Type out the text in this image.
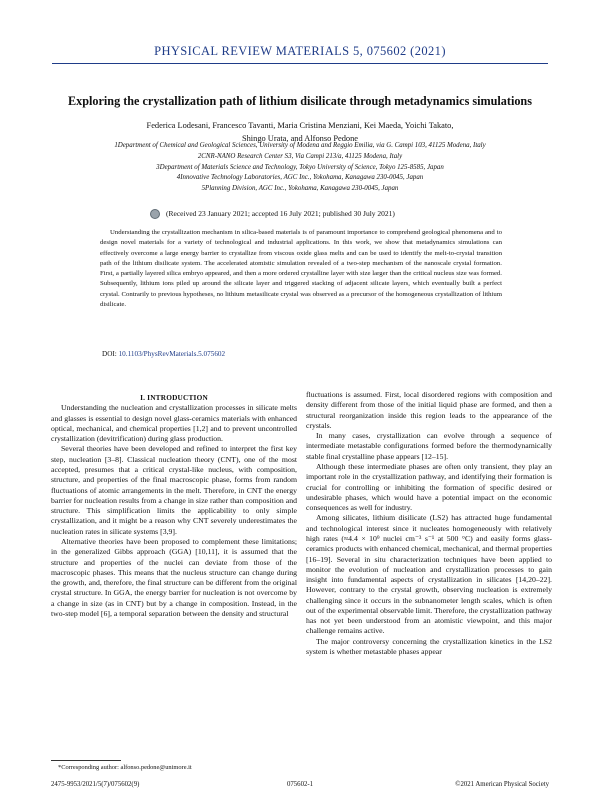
PHYSICAL REVIEW MATERIALS 5, 075602 (2021)
Exploring the crystallization path of lithium disilicate through metadynamics simulations
Federica Lodesani, Francesco Tavanti, Maria Cristina Menziani, Kei Maeda, Yoichi Takato,
Shingo Urata, and Alfonso Pedone
1Department of Chemical and Geological Sciences, University of Modena and Reggio Emilia, via G. Campi 103, 41125 Modena, Italy
2CNR-NANO Research Center S3, Via Campi 213/a, 41125 Modena, Italy
3Department of Materials Science and Technology, Tokyo University of Science, Tokyo 125-8585, Japan
4Innovative Technology Laboratories, AGC Inc., Yokohama, Kanagawa 230-0045, Japan
5Planning Division, AGC Inc., Yokohama, Kanagawa 230-0045, Japan
(Received 23 January 2021; accepted 16 July 2021; published 30 July 2021)

Understanding the crystallization mechanism in silica-based materials is of paramount importance to comprehend geological phenomena and to design novel materials for a variety of technological and industrial applications. In this work, we show that metadynamics simulations can effectively overcome a large energy barrier to crystallize from viscous oxide glass melts and can be used to identify the melt-to-crystal transition path of the lithium disilicate system. The accelerated atomistic simulation revealed of a two-step mechanism of the nanoscale crystal formation. First, a partially layered silica embryo appeared, and then a more ordered crystalline layer with size larger than the critical nucleus size was formed. Subsequently, lithium ions piled up around the silicate layer and triggered stacking of adjacent silicate layers, which eventually built a perfect crystal. Contrarily to previous hypotheses, no lithium metasilicate crystal was observed as a precursor of the homogeneous crystallization of lithium disilicate.

DOI: 10.1103/PhysRevMaterials.5.075602

I. INTRODUCTION

Understanding the nucleation and crystallization processes in silicate melts and glasses is essential to design novel glass-ceramics materials with enhanced optical, mechanical, and chemical properties [1,2] and to prevent uncontrolled crystallization (devitrification) during glass production.

Several theories have been developed and refined to interpret the first key step, nucleation [3–8]. Classical nucleation theory (CNT), one of the most accepted, presumes that a critical crystal-like nucleus, with composition, structure, and properties of the final macroscopic phase, forms from random fluctuations of atomic arrangements in the melt. Therefore, in CNT the energy barrier for nucleation results from a change in size rather than composition and structure. This simplification limits the applicability to only simple crystallization, and it might be a reason why CNT severely underestimates the nucleation rates in silicate systems [3,9].

Alternative theories have been proposed to complement these limitations; in the generalized Gibbs approach (GGA) [10,11], it is assumed that the structure and properties of the nuclei can deviate from those of the macroscopic phases. This means that the nucleus structure can change during the growth, and, therefore, the final structure can be different from the original crystal structure. In GGA, the energy barrier for nucleation is not overcome by a change in size (as in CNT) but by a change in composition. Instead, in the two-step model [6], a temporal separation between the density and structural

fluctuations is assumed. First, local disordered regions with composition and density different from those of the initial liquid phase are formed, and then a structural reorganization inside this region leads to the appearance of the crystals.

In many cases, crystallization can evolve through a sequence of intermediate metastable configurations formed before the thermodynamically stable final crystalline phase appears [12–15].

Although these intermediate phases are often only transient, they play an important role in the crystallization pathway, and identifying their formation is crucial for controlling or inhibiting the formation of specific desired or undesirable phases, which would have a potential impact on the economic consequences as well for industry.

Among silicates, lithium disilicate (LS2) has attracted huge fundamental and technological interest since it nucleates homogeneously with relatively high rates (≈4.4 × 10⁹ nuclei cm⁻³ s⁻¹ at 500 °C) and easily forms glass-ceramics products with enhanced chemical, mechanical, and thermal properties [16–19]. Several in situ characterization techniques have been applied to monitor the evolution of nucleation and crystallization processes to gain insight into fundamental aspects of crystallization in silicates [14,20–22]. However, contrary to the crystal growth, observing nucleation is extremely challenging since it occurs in the subnanometer length scales, which is often out of the experimental observable limit. Therefore, the crystallization pathway has not yet been understood from an atomistic viewpoint, and this major challenge remains active.

The major controversy concerning the crystallization kinetics in the LS2 system is whether metastable phases appear

*Corresponding author: alfonso.pedone@unimore.it
2475-9953/2021/5(7)/075602(9)	075602-1	©2021 American Physical Society
